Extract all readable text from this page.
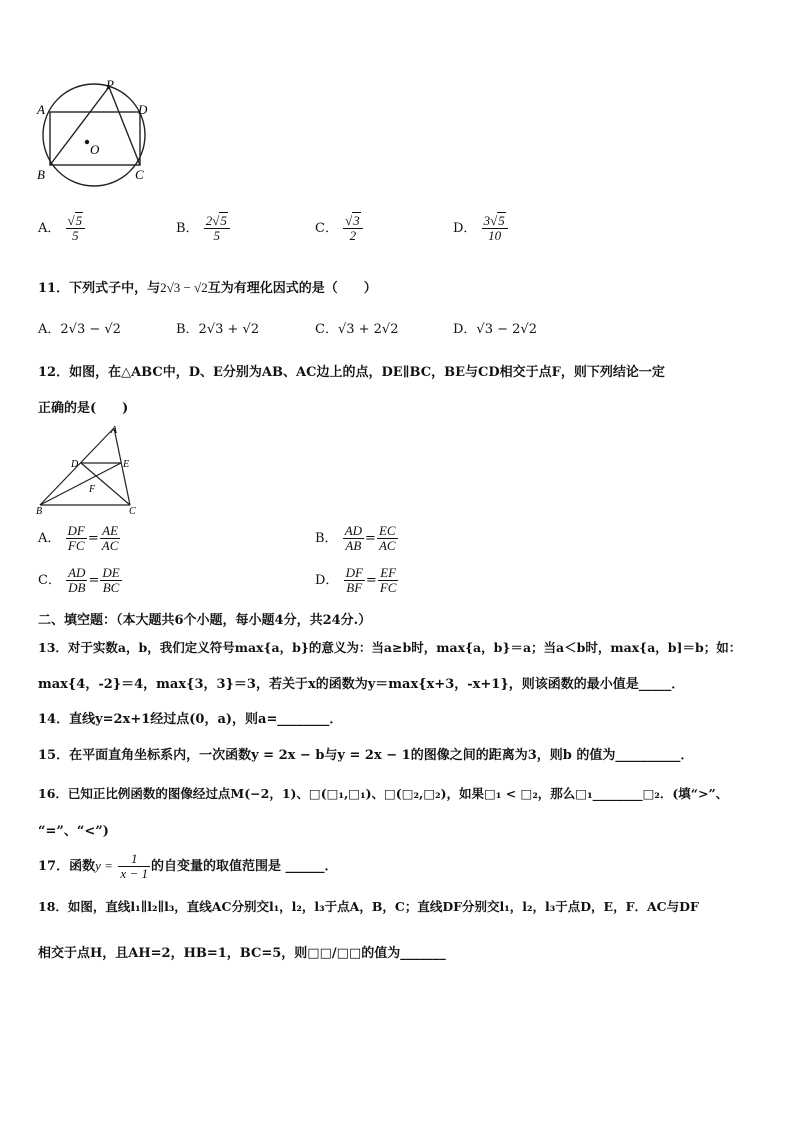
A
B	C
D
P
O
A． $\frac{√5}{5}$	B． $\frac{2√5}{5}$	C． $\frac{√3}{2}$	D． $\frac{3√5}{10}$
11．下列式子中，与2√3 − √2互为有理化因式的是（　　）
A．2√3 − √2	B．2√3 + √2	C．√3 + 2√2	D．√3 − 2√2
12．如图，在△ABC中，D、E分别为AB、AC边上的点，DE∥BC，BE与CD相交于点F，则下列结论一定
正确的是(　　)
A
B	C
D	E
F
A． $\frac{DF}{FC} = \frac{AE}{AC}$	B． $\frac{AD}{AB} = \frac{EC}{AC}$
C． $\frac{AD}{DB} = \frac{DE}{BC}$	D． $\frac{DF}{BF} = \frac{EF}{FC}$
二、填空题：（本大题共6个小题，每小题4分，共24分.）
13．对于实数a，b，我们定义符号max{a，b}的意义为：当a≥b时，max{a，b}＝a；当a＜b时，max{a，b]＝b；如：
max{4，-2}＝4，max{3，3}＝3，若关于x的函数为y＝max{x+3，-x+1}，则该函数的最小值是_____．
14．直线y=2x+1经过点(0，a)，则a=________．
15．在平面直角坐标系内，一次函数y = 2x − b与y = 2x − 1的图像之间的距离为3，则b 的值为__________．
16．已知正比例函数的图像经过点M(−2，1)、□(□₁,□₁)、□(□₂,□₂)，如果□₁ < □₂，那么□₁________□₂．(填“>”、
“=”、“<”)
17．函数$y = \frac{1}{x - 1}$ 的自变量的取值范围是 ______．
18．如图，直线l₁∥l₂∥l₃，直线AC分别交l₁，l₂，l₃于点A，B，C；直线DF分别交l₁，l₂，l₃于点D，E，F．AC与DF
相交于点H，且AH=2，HB=1，BC=5，则□□/□□的值为_______
